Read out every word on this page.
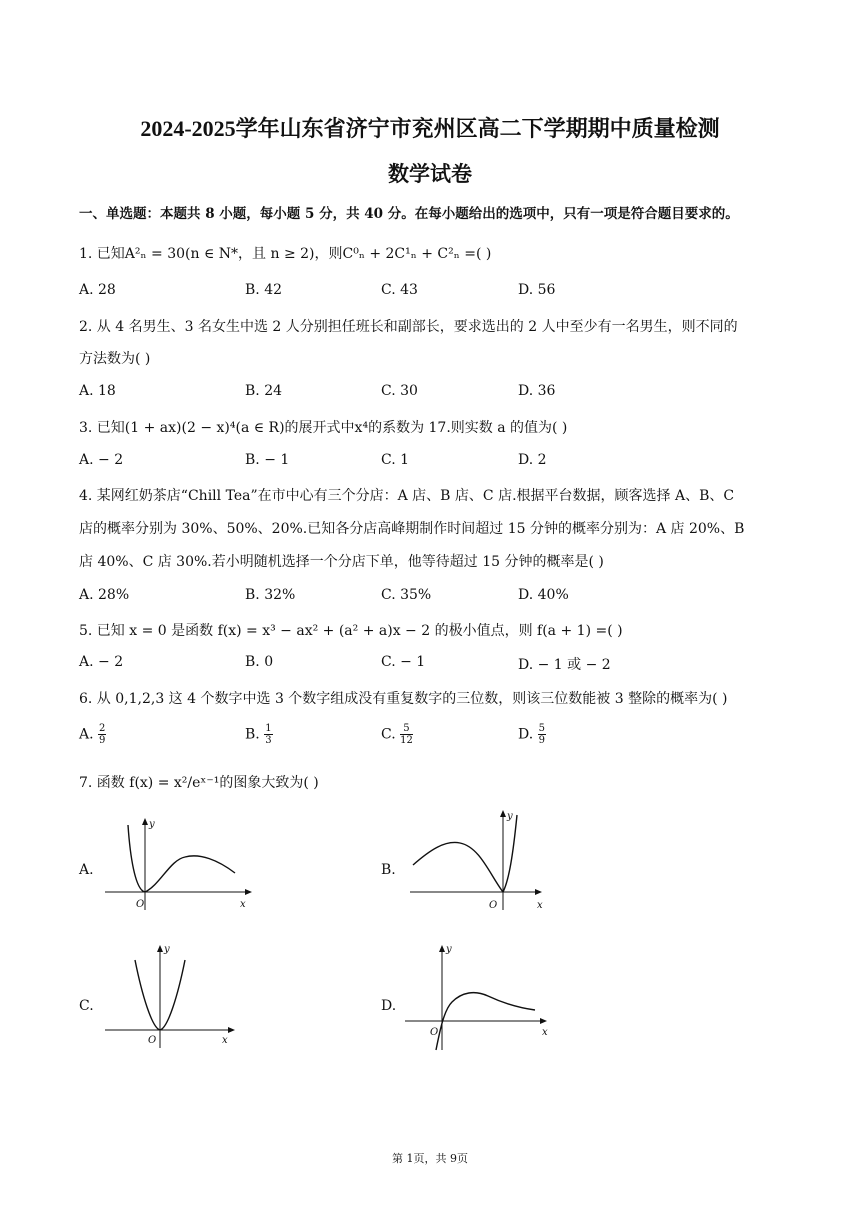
2024-2025学年山东省济宁市兖州区高二下学期期中质量检测
数学试卷
一、单选题：本题共 8 小题，每小题 5 分，共 40 分。在每小题给出的选项中，只有一项是符合题目要求的。
1. 已知A²ₙ = 30(n ∈ N*，且 n ≥ 2)，则C⁰ₙ + 2C¹ₙ + C²ₙ =( )
A. 28	B. 42	C. 43	D. 56
2. 从 4 名男生、3 名女生中选 2 人分别担任班长和副部长，要求选出的 2 人中至少有一名男生，则不同的
方法数为( )
A. 18	B. 24	C. 30	D. 36
3. 已知(1 + ax)(2 − x)⁴(a ∈ R)的展开式中x⁴的系数为 17.则实数 a 的值为( )
A. − 2	B. − 1	C. 1	D. 2
4. 某网红奶茶店“Chill Tea”在市中心有三个分店：A 店、B 店、C 店.根据平台数据，顾客选择 A、B、C
店的概率分别为 30%、50%、20%.已知各分店高峰期制作时间超过 15 分钟的概率分别为：A 店 20%、B
店 40%、C 店 30%.若小明随机选择一个分店下单，他等待超过 15 分钟的概率是( )
A. 28%	B. 32%	C. 35%	D. 40%
5. 已知 x = 0 是函数 f(x) = x³ − ax² + (a² + a)x − 2 的极小值点，则 f(a + 1) =( )
A. − 2	B. 0	C. − 1	D. − 1 或 − 2
6. 从 0,1,2,3 这 4 个数字中选 3 个数字组成没有重复数字的三位数，则该三位数能被 3 整除的概率为( )
A. $\frac{2}{9}$	B. $\frac{1}{3}$	C. $\frac{5}{12}$	D. $\frac{5}{9}$
7. 函数 f(x) = x²/eˣ⁻¹的图象大致为( )
A.	B.
C.	D.
y
x
O
y
x
O
y
x
O
y
x
O
第 1页，共 9页
